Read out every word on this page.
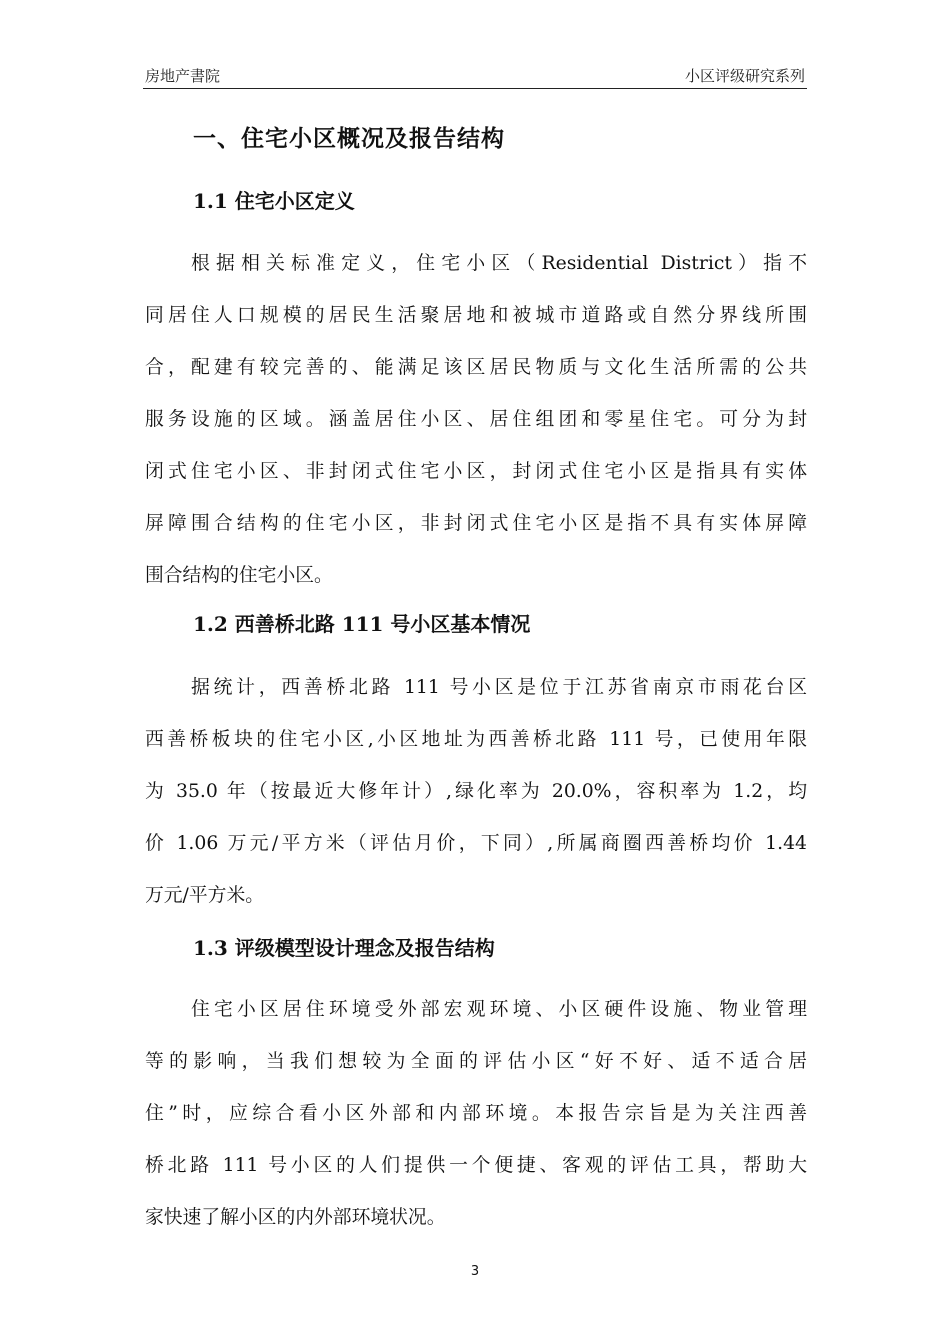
房地产書院	小区评级研究系列
一、住宅小区概况及报告结构
1.1 住宅小区定义
根据相关标准定义，住宅小区（Residential District）指不
同居住人口规模的居民生活聚居地和被城市道路或自然分界线所围
合，配建有较完善的、能满足该区居民物质与文化生活所需的公共
服务设施的区域。涵盖居住小区、居住组团和零星住宅。可分为封
闭式住宅小区、非封闭式住宅小区，封闭式住宅小区是指具有实体
屏障围合结构的住宅小区，非封闭式住宅小区是指不具有实体屏障
围合结构的住宅小区。
1.2 西善桥北路 111 号小区基本情况
据统计，西善桥北路 111 号小区是位于江苏省南京市雨花台区
西善桥板块的住宅小区,小区地址为西善桥北路 111 号，已使用年限
为 35.0 年（按最近大修年计）,绿化率为 20.0%，容积率为 1.2，均
价 1.06 万元/平方米（评估月价，下同）,所属商圈西善桥均价 1.44
万元/平方米。
1.3 评级模型设计理念及报告结构
住宅小区居住环境受外部宏观环境、小区硬件设施、物业管理
等的影响，当我们想较为全面的评估小区“好不好、适不适合居
住”时，应综合看小区外部和内部环境。本报告宗旨是为关注西善
桥北路 111 号小区的人们提供一个便捷、客观的评估工具，帮助大
家快速了解小区的内外部环境状况。
3
